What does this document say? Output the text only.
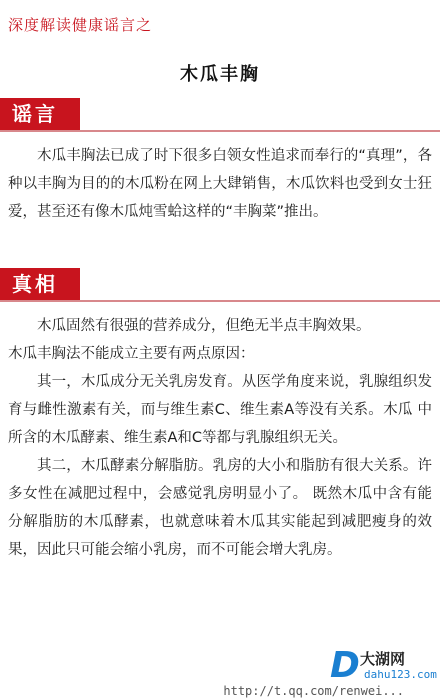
深度解读健康谣言之
木瓜丰胸
谣言

木瓜丰胸法已成了时下很多白领女性追求而奉行的“真理”，各种以丰胸为目的的木瓜粉在网上大肆销售，木瓜饮料也受到女士狂爱，甚至还有像木瓜炖雪蛤这样的“丰胸菜”推出。

真相

木瓜固然有很强的营养成分，但绝无半点丰胸效果。

木瓜丰胸法不能成立主要有两点原因：

其一，木瓜成分无关乳房发育。从医学角度来说，乳腺组织发育与雌性激素有关，而与维生素C、维生素A等没有关系。木瓜 中所含的木瓜酵素、维生素A和C等都与乳腺组织无关。

其二，木瓜酵素分解脂肪。乳房的大小和脂肪有很大关系。许多女性在减肥过程中，会感觉乳房明显小了。 既然木瓜中含有能分解脂肪的木瓜酵素，也就意味着木瓜其实能起到减肥瘦身的效果，因此只可能会缩小乳房，而不可能会增大乳房。

D 大湖网
dahu123.com
http://t.qq.com/renwei...
